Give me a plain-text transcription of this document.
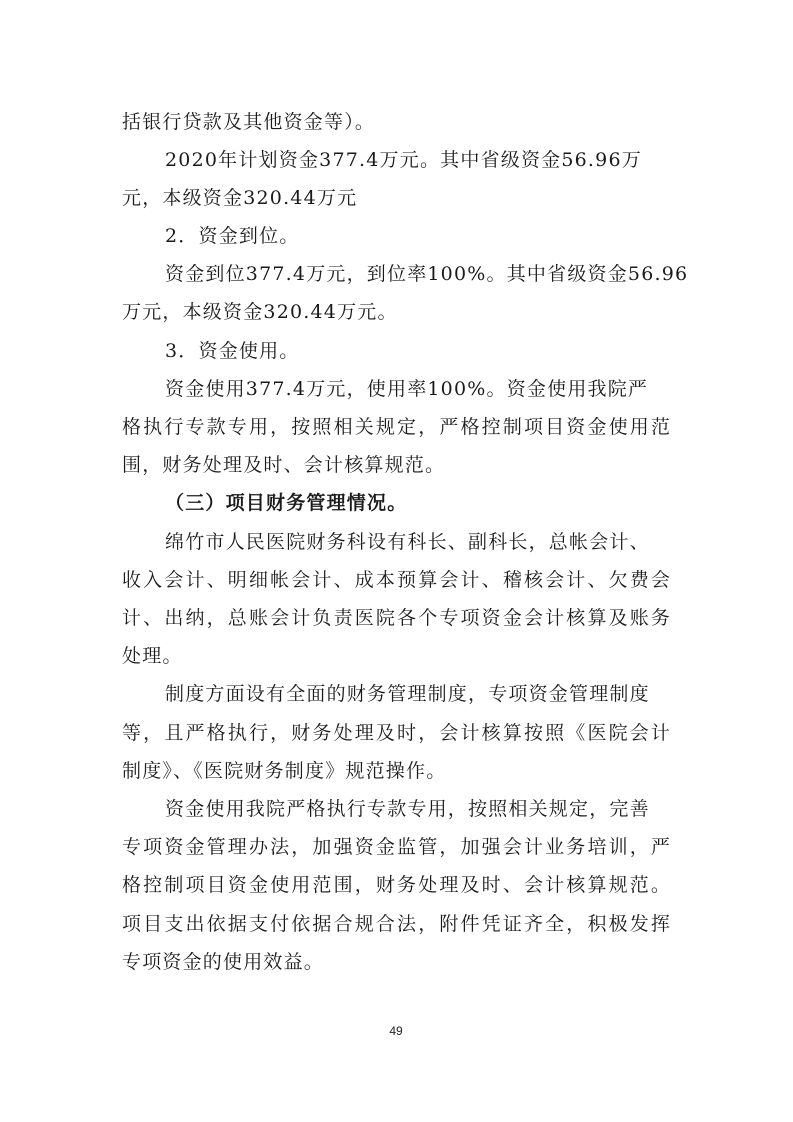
括银行贷款及其他资金等）。
2020年计划资金377.4万元。其中省级资金56.96万
元，本级资金320.44万元
2．资金到位。
资金到位377.4万元，到位率100%。其中省级资金56.96
万元，本级资金320.44万元。
3．资金使用。
资金使用377.4万元，使用率100%。资金使用我院严
格 执 行 专 款 专 用 ， 按 照 相 关 规 定 ， 严 格 控 制 项 目 资 金 使 用 范
围，财务处理及时、会计核算规范。
（三）项目财务管理情况。
绵竹市人民医院财务科设有科长、副科长，总帐会计、
收 入 会 计 、 明 细 帐 会 计 、 成 本 预 算 会 计 、 稽 核 会 计 、 欠 费 会
计 、 出 纳 ， 总 账 会 计 负 责 医 院 各 个 专 项 资 金 会 计 核 算 及 账 务
处理。
制度方面设有全面的财务管理制度，专项资金管理制度
等 ， 且 严 格 执 行 ， 财 务 处 理 及 时 ， 会 计 核 算 按 照 《 医 院 会 计
制度》、《医院财务制度》规范操作。
资金使用我院严格执行专款专用，按照相关规定，完善
专 项 资 金 管 理 办 法 ， 加 强 资 金 监 管 ， 加 强 会 计 业 务 培 训 ， 严
格 控 制 项 目 资 金 使 用 范 围 ， 财 务 处 理 及 时 、 会 计 核 算 规 范 。
项 目 支 出 依 据 支 付 依 据 合 规 合 法 ， 附 件 凭 证 齐 全 ， 积 极 发 挥
专项资金的使用效益。
49
